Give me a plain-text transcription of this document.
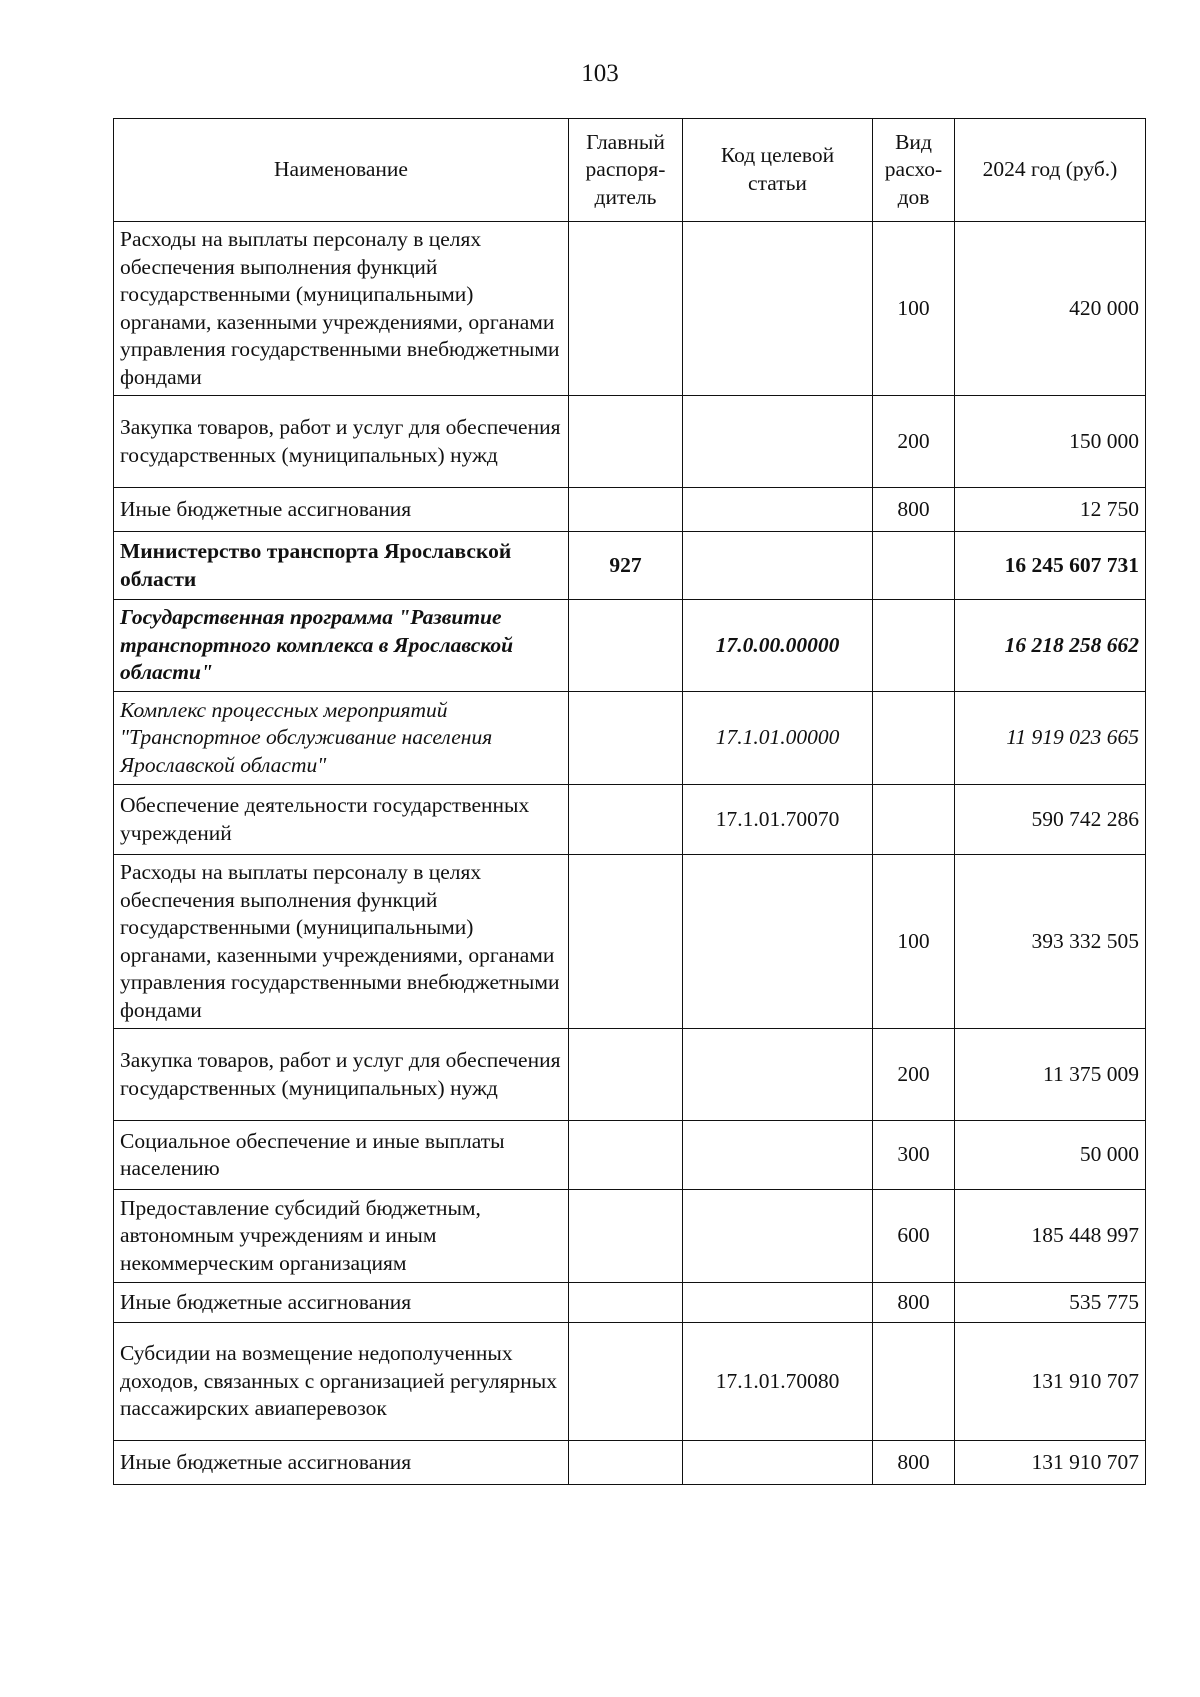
103
Наименование	Главный распоря-дитель	Код целевой статьи	Вид расхо-дов	2024 год (руб.)
Расходы на выплаты персоналу в целях обеспечения выполнения функций государственными (муниципальными) органами, казенными учреждениями, органами управления государственными внебюджетными фондами			100	420 000
Закупка товаров, работ и услуг для обеспечения государственных (муниципальных) нужд			200	150 000
Иные бюджетные ассигнования			800	12 750
Министерство транспорта Ярославской области	927			16 245 607 731
Государственная программа "Развитие транспортного комплекса в Ярославской области"		17.0.00.00000		16 218 258 662
Комплекс процессных мероприятий "Транспортное обслуживание населения Ярославской области"		17.1.01.00000		11 919 023 665
Обеспечение деятельности государственных учреждений		17.1.01.70070		590 742 286
Расходы на выплаты персоналу в целях обеспечения выполнения функций государственными (муниципальными) органами, казенными учреждениями, органами управления государственными внебюджетными фондами			100	393 332 505
Закупка товаров, работ и услуг для обеспечения государственных (муниципальных) нужд			200	11 375 009
Социальное обеспечение и иные выплаты населению			300	50 000
Предоставление субсидий бюджетным, автономным учреждениям и иным некоммерческим организациям			600	185 448 997
Иные бюджетные ассигнования			800	535 775
Субсидии на возмещение недополученных доходов, связанных с организацией регулярных пассажирских авиаперевозок		17.1.01.70080		131 910 707
Иные бюджетные ассигнования			800	131 910 707
